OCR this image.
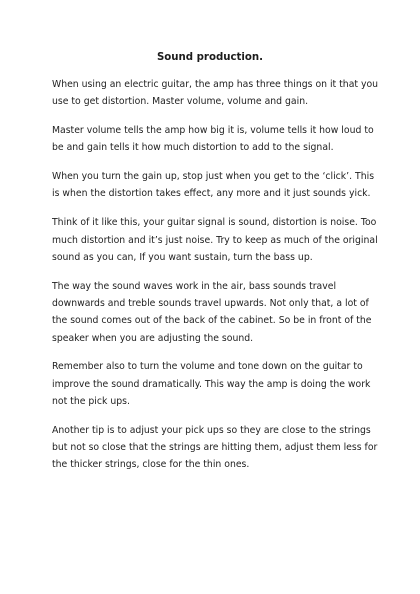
Sound production.

When using an electric guitar, the amp has three things on it that you use to get distortion. Master volume, volume and gain.

Master volume tells the amp how big it is, volume tells it how loud to be and gain tells it how much distortion to add to the signal.

When you turn the gain up, stop just when you get to the ‘click’. This is when the distortion takes effect, any more and it just sounds yick.

Think of it like this, your guitar signal is sound, distortion is noise. Too much distortion and it’s just noise. Try to keep as much of the original sound as you can, If you want sustain, turn the bass up.

The way the sound waves work in the air, bass sounds travel downwards and treble sounds travel upwards. Not only that, a lot of the sound comes out of the back of the cabinet. So be in front of the speaker when you are adjusting the sound.

Remember also to turn the volume and tone down on the guitar to improve the sound dramatically. This way the amp is doing the work not the pick ups.

Another tip is to adjust your pick ups so they are close to the strings but not so close that the strings are hitting them, adjust them less for the thicker strings, close for the thin ones.
